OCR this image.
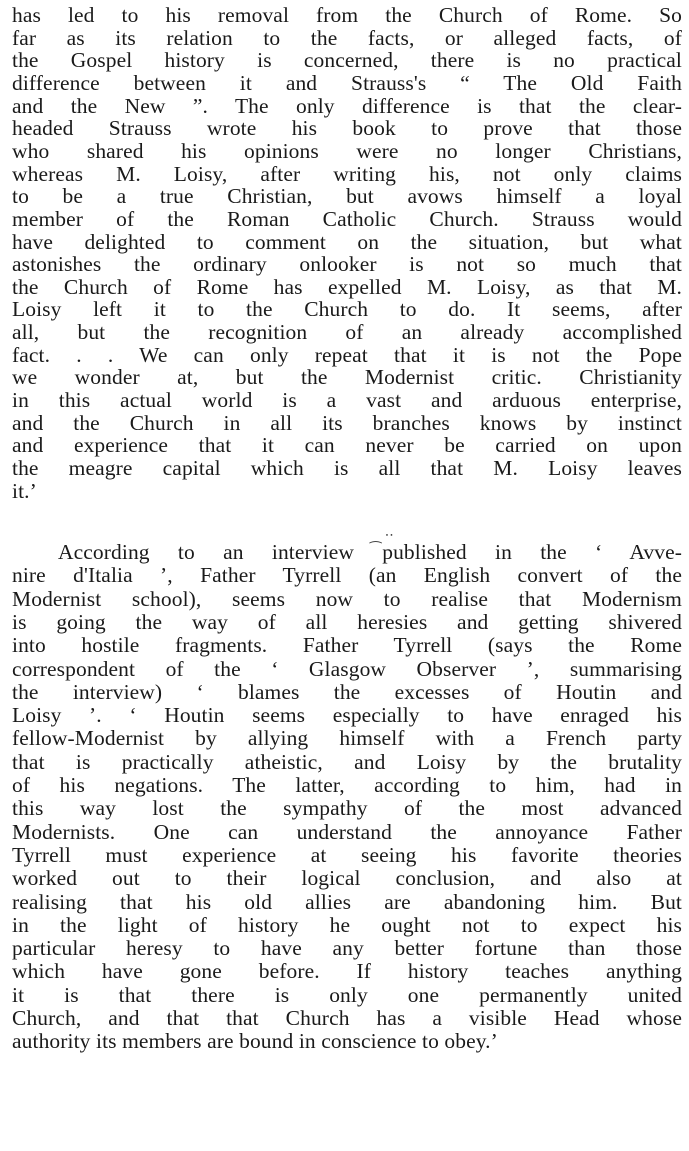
has led to his removal from the Church of Rome. So
far as its relation to the facts, or alleged facts, of
the Gospel history is concerned, there is no practical
difference between it and Strauss's “ The Old Faith
and the New ”. The only difference is that the clear-
headed Strauss wrote his book to prove that those
who shared his opinions were no longer Christians,
whereas M. Loisy, after writing his, not only claims
to be a true Christian, but avows himself a loyal
member of the Roman Catholic Church. Strauss would
have delighted to comment on the situation, but what
astonishes the ordinary onlooker is not so much that
the Church of Rome has expelled M. Loisy, as that M.
Loisy left it to the Church to do. It seems, after
all, but the recognition of an already accomplished
fact. . . We can only repeat that it is not the Pope
we wonder at, but the Modernist critic. Christianity
in this actual world is a vast and arduous enterprise,
and the Church in all its branches knows by instinct
and experience that it can never be carried on upon
the meagre capital which is all that M. Loisy leaves
it.’
⁔ ‧‧
According to an interview published in the ‘ Avve-
nire d'Italia ’, Father Tyrrell (an English convert of the
Modernist school), seems now to realise that Modernism
is going the way of all heresies and getting shivered
into hostile fragments. Father Tyrrell (says the Rome
correspondent of the ‘ Glasgow Observer ’, summarising
the interview) ‘ blames the excesses of Houtin and
Loisy ’. ‘ Houtin seems especially to have enraged his
fellow-Modernist by allying himself with a French party
that is practically atheistic, and Loisy by the brutality
of his negations. The latter, according to him, had in
this way lost the sympathy of the most advanced
Modernists. One can understand the annoyance Father
Tyrrell must experience at seeing his favorite theories
worked out to their logical conclusion, and also at
realising that his old allies are abandoning him. But
in the light of history he ought not to expect his
particular heresy to have any better fortune than those
which have gone before. If history teaches anything
it is that there is only one permanently united
Church, and that that Church has a visible Head whose
authority its members are bound in conscience to obey.’
